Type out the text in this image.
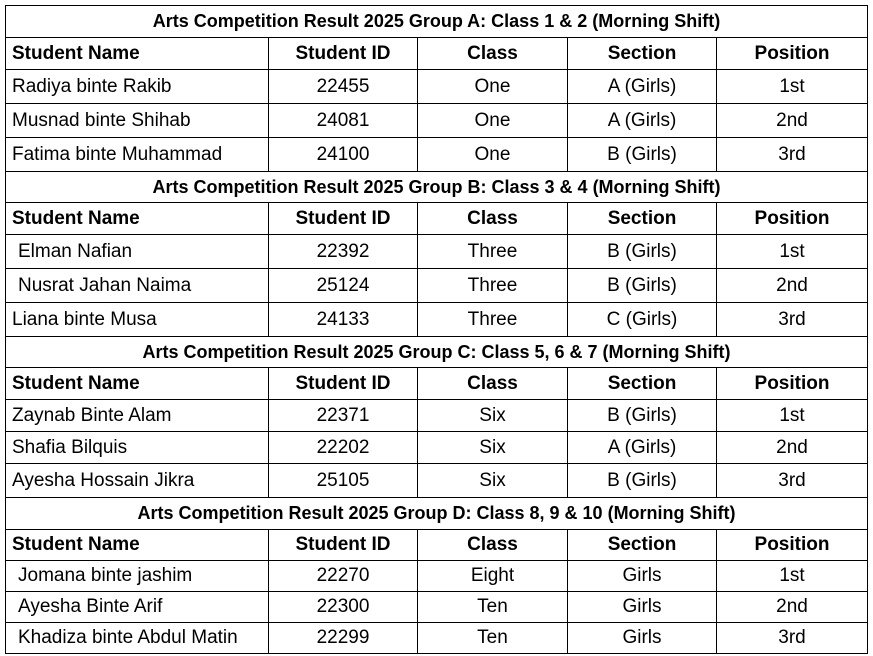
Arts Competition Result 2025 Group A: Class 1 & 2 (Morning Shift)				
Student Name	Student ID	Class	Section	Position
Radiya binte Rakib	22455	One	A (Girls)	1st
Musnad binte Shihab	24081	One	A (Girls)	2nd
Fatima binte Muhammad	24100	One	B (Girls)	3rd
Arts Competition Result 2025 Group B: Class 3 & 4 (Morning Shift)				
Student Name	Student ID	Class	Section	Position
Elman Nafian	22392	Three	B (Girls)	1st
Nusrat Jahan Naima	25124	Three	B (Girls)	2nd
Liana binte Musa	24133	Three	C (Girls)	3rd
Arts Competition Result 2025 Group C: Class 5, 6 & 7 (Morning Shift)				
Student Name	Student ID	Class	Section	Position
Zaynab Binte Alam	22371	Six	B (Girls)	1st
Shafia Bilquis	22202	Six	A (Girls)	2nd
Ayesha Hossain Jikra	25105	Six	B (Girls)	3rd
Arts Competition Result 2025 Group D: Class 8, 9 & 10 (Morning Shift)				
Student Name	Student ID	Class	Section	Position
Jomana binte jashim	22270	Eight	Girls	1st
Ayesha Binte Arif	22300	Ten	Girls	2nd
Khadiza binte Abdul Matin	22299	Ten	Girls	3rd
